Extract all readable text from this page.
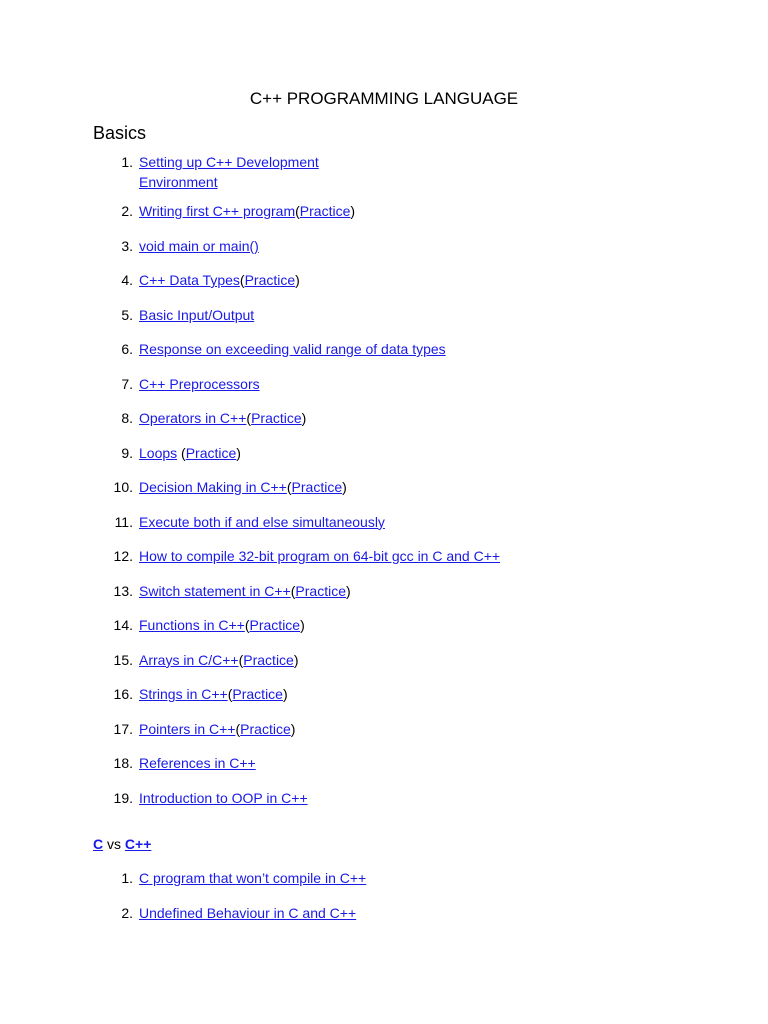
C++ PROGRAMMING LANGUAGE
Basics
1. Setting up C++ Development Environment
2. Writing first C++ program(Practice)
3. void main or main()
4. C++ Data Types(Practice)
5. Basic Input/Output
6. Response on exceeding valid range of data types
7. C++ Preprocessors
8. Operators in C++(Practice)
9. Loops (Practice)
10. Decision Making in C++(Practice)
11. Execute both if and else simultaneously
12. How to compile 32-bit program on 64-bit gcc in C and C++
13. Switch statement in C++(Practice)
14. Functions in C++(Practice)
15. Arrays in C/C++(Practice)
16. Strings in C++(Practice)
17. Pointers in C++(Practice)
18. References in C++
19. Introduction to OOP in C++
C vs C++
1. C program that won’t compile in C++
2. Undefined Behaviour in C and C++
